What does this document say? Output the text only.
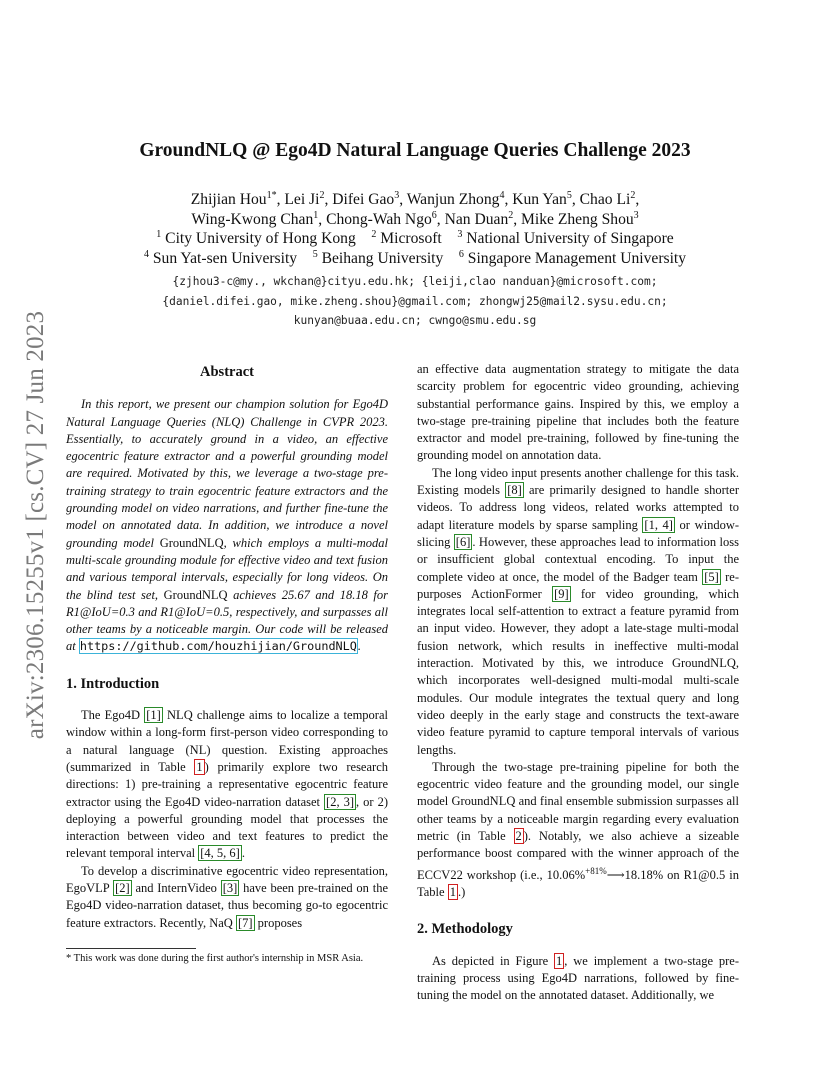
arXiv:2306.15255v1 [cs.CV] 27 Jun 2023
GroundNLQ @ Ego4D Natural Language Queries Challenge 2023
Zhijian Hou$^{1*}$, Lei Ji$^2$, Difei Gao$^3$, Wanjun Zhong$^4$, Kun Yan$^5$, Chao Li$^2$,
Wing-Kwong Chan$^1$, Chong-Wah Ngo$^6$, Nan Duan$^2$, Mike Zheng Shou$^3$
$^1$ City University of Hong Kong $^2$ Microsoft $^3$ National University of Singapore
$^4$ Sun Yat-sen University $^5$ Beihang University $^6$ Singapore Management University
{zjhou3-c@my., wkchan@}cityu.edu.hk; {leiji,clao nanduan}@microsoft.com;
{daniel.difei.gao, mike.zheng.shou}@gmail.com; zhongwj25@mail2.sysu.edu.cn;
kunyan@buaa.edu.cn; cwngo@smu.edu.sg
Abstract

In this report, we present our champion solution for Ego4D Natural Language Queries (NLQ) Challenge in CVPR 2023. Essentially, to accurately ground in a video, an effective egocentric feature extractor and a powerful grounding model are required. Motivated by this, we leverage a two-stage pre-training strategy to train egocentric feature extractors and the grounding model on video narrations, and further fine-tune the model on annotated data. In addition, we introduce a novel grounding model GroundNLQ, which employs a multi-modal multi-scale grounding module for effective video and text fusion and various temporal intervals, especially for long videos. On the blind test set, GroundNLQ achieves 25.67 and 18.18 for R1@IoU=0.3 and R1@IoU=0.5, respectively, and surpasses all other teams by a noticeable margin. Our code will be released at https://github.com/houzhijian/GroundNLQ.

1. Introduction

The Ego4D [1] NLQ challenge aims to localize a temporal window within a long-form first-person video corresponding to a natural language (NL) question. Existing approaches (summarized in Table 1 ) primarily explore two research directions: 1) pre-training a representative egocentric feature extractor using the Ego4D video-narration dataset [2, 3] , or 2) deploying a powerful grounding model that processes the interaction between video and text features to predict the relevant temporal interval [4, 5, 6] .

To develop a discriminative egocentric video representation, EgoVLP [2] and InternVideo [3] have been pre-trained on the Ego4D video-narration dataset, thus becoming go-to egocentric feature extractors. Recently, NaQ [7] proposes

an effective data augmentation strategy to mitigate the data scarcity problem for egocentric video grounding, achieving substantial performance gains. Inspired by this, we employ a two-stage pre-training pipeline that includes both the feature extractor and model pre-training, followed by fine-tuning the grounding model on annotation data.

The long video input presents another challenge for this task. Existing models [8] are primarily designed to handle shorter videos. To address long videos, related works attempted to adapt literature models by sparse sampling [1, 4] or window-slicing [6] . However, these approaches lead to information loss or insufficient global contextual encoding. To input the complete video at once, the model of the Badger team [5] re-purposes ActionFormer [9] for video grounding, which integrates local self-attention to extract a feature pyramid from an input video. However, they adopt a late-stage multi-modal fusion network, which results in ineffective multi-modal interaction. Motivated by this, we introduce GroundNLQ, which incorporates well-designed multi-modal multi-scale modules. Our module integrates the textual query and long video deeply in the early stage and constructs the text-aware video feature pyramid to capture temporal intervals of various lengths.

Through the two-stage pre-training pipeline for both the egocentric video feature and the grounding model, our single model GroundNLQ and final ensemble submission surpasses all other teams by a noticeable margin regarding every evaluation metric (in Table 2 ). Notably, we also achieve a sizeable performance boost compared with the winner approach of the ECCV22 workshop (i.e., 10.06%$^{+81\%}$⟶18.18% on R1@0.5 in Table 1 .)

2. Methodology

As depicted in Figure 1 , we implement a two-stage pre-training process using Ego4D narrations, followed by fine-tuning the model on the annotated dataset. Additionally, we

* This work was done during the first author's internship in MSR Asia.
